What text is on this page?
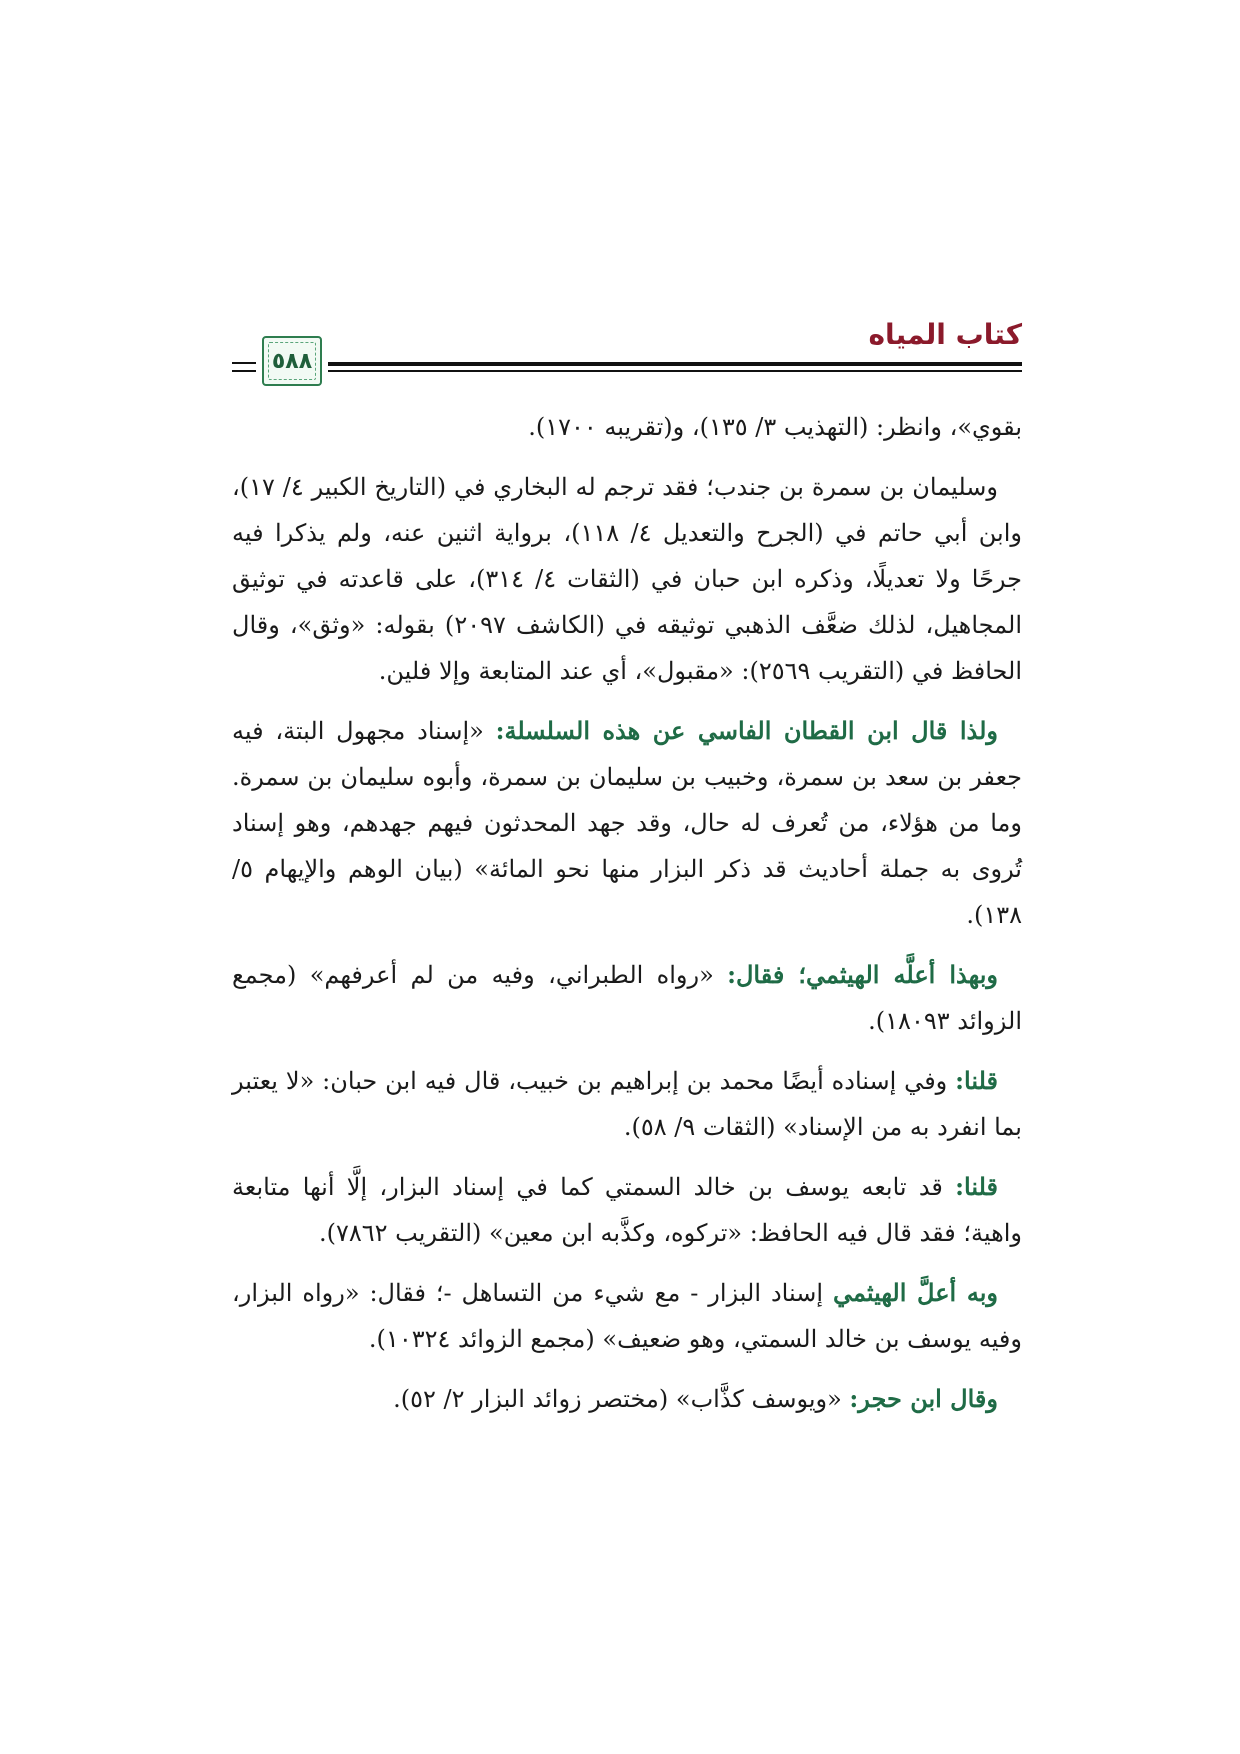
كتاب المياه
٥٨٨

بقوي»، وانظر: (التهذيب ٣/ ١٣٥)، و(تقريبه ١٧٠٠).

وسليمان بن سمرة بن جندب؛ فقد ترجم له البخاري في (التاريخ الكبير ٤/ ١٧)، وابن أبي حاتم في (الجرح والتعديل ٤/ ١١٨)، برواية اثنين عنه، ولم يذكرا فيه جرحًا ولا تعديلًا، وذكره ابن حبان في (الثقات ٤/ ٣١٤)، على قاعدته في توثيق المجاهيل، لذلك ضعَّف الذهبي توثيقه في (الكاشف ٢٠٩٧) بقوله: «وثق»، وقال الحافظ في (التقريب ٢٥٦٩): «مقبول»، أي عند المتابعة وإلا فلين.

ولذا قال ابن القطان الفاسي عن هذه السلسلة: «إسناد مجهول البتة، فيه جعفر بن سعد بن سمرة، وخبيب بن سليمان بن سمرة، وأبوه سليمان بن سمرة. وما من هؤلاء، من تُعرف له حال، وقد جهد المحدثون فيهم جهدهم، وهو إسناد تُروى به جملة أحاديث قد ذكر البزار منها نحو المائة» (بيان الوهم والإيهام ٥/ ١٣٨).

وبهذا أعلَّه الهيثمي؛ فقال: «رواه الطبراني، وفيه من لم أعرفهم» (مجمع الزوائد ١٨٠٩٣).

قلنا: وفي إسناده أيضًا محمد بن إبراهيم بن خبيب، قال فيه ابن حبان: «لا يعتبر بما انفرد به من الإسناد» (الثقات ٩/ ٥٨).

قلنا: قد تابعه يوسف بن خالد السمتي كما في إسناد البزار، إلَّا أنها متابعة واهية؛ فقد قال فيه الحافظ: «تركوه، وكذَّبه ابن معين» (التقريب ٧٨٦٢).

وبه أعلَّ الهيثمي إسناد البزار - مع شيء من التساهل -؛ فقال: «رواه البزار، وفيه يوسف بن خالد السمتي، وهو ضعيف» (مجمع الزوائد ١٠٣٢٤).

وقال ابن حجر: «ويوسف كذَّاب» (مختصر زوائد البزار ٢/ ٥٢).
